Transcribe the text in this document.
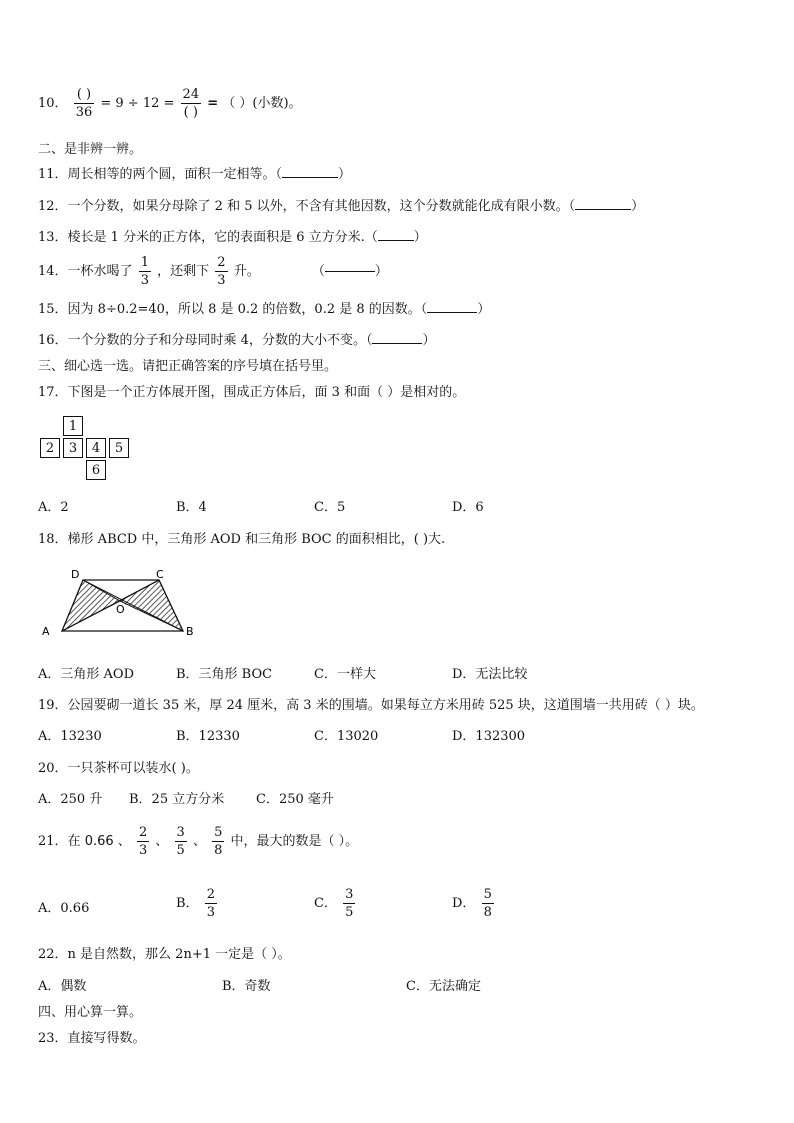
10． $\frac{( )}{36} = 9 \div 12 = \frac{24}{( )}$ = （ ）(小数)。
二、是非辨一辨。
11．周长相等的两个圆，面积一定相等。（	）
12．一个分数，如果分母除了 2 和 5 以外，不含有其他因数，这个分数就能化成有限小数。（	）
13．棱长是 1 分米的正方体，它的表面积是 6 立方分米.（	）
14．一杯水喝了 $\frac{1}{3}$ ，还剩下 $\frac{2}{3}$ 升。	（	）
15．因为 8÷0.2=40，所以 8 是 0.2 的倍数，0.2 是 8 的因数。（	）
16．一个分数的分子和分母同时乘 4，分数的大小不变。（	）
三、细心选一选。请把正确答案的序号填在括号里。
17．下图是一个正方体展开图，围成正方体后，面 3 和面（ ）是相对的。
1
2	3	4	5
6
A．2	B．4	C．5	D．6
18．梯形 ABCD 中，三角形 AOD 和三角形 BOC 的面积相比，( )大.
A	B
C
D
O
A．三角形 AOD	B．三角形 BOC	C．一样大	D．无法比较
19．公园要砌一道长 35 米，厚 24 厘米，高 3 米的围墙。如果每立方米用砖 525 块，这道围墙一共用砖（ ）块。
A．13230	B．12330	C．13020	D．132300
20．一只茶杯可以装水( )。
A．250 升 B．25 立方分米 C．250 毫升
21．在 0.66 、 $\frac{2}{3}$ 、 $\frac{3}{5}$ 、 $\frac{5}{8}$ 中，最大的数是（ ）。
A．0.66	B． $\frac{2}{3}$	C． $\frac{3}{5}$	D． $\frac{5}{8}$
22．n 是自然数，那么 2n+1 一定是（ ）。
A．偶数	B．奇数	C．无法确定
四、用心算一算。
23．直接写得数。
